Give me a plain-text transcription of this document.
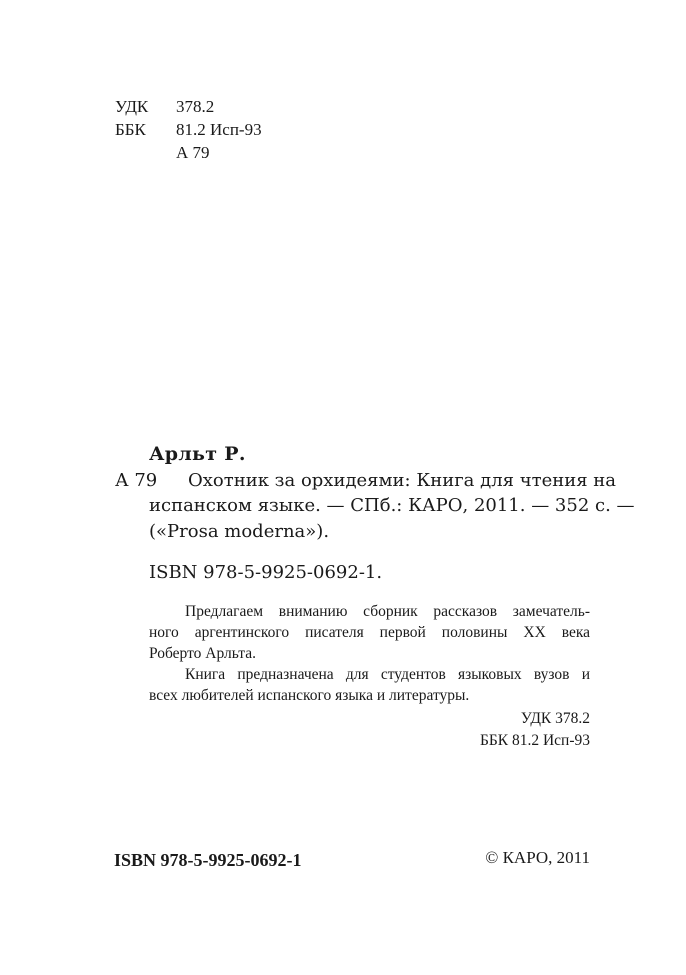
УДК 378.2
ББК 81.2 Исп-93
А 79
Арльт Р.
А 79 Охотник за орхидеями: Книга для чтения на
испанском языке. — СПб.: КАРО, 2011. — 352 с. —
(«Prosa moderna»).
ISBN 978-5-9925-0692-1.
Предлагаем вниманию сборник рассказов замечатель-
ного аргентинского писателя первой половины XX века
Роберто Арльта.
Книга предназначена для студентов языковых вузов и
всех любителей испанского языка и литературы.
УДК 378.2
ББК 81.2 Исп-93
ISBN 978-5-9925-0692-1	© КАРО, 2011
